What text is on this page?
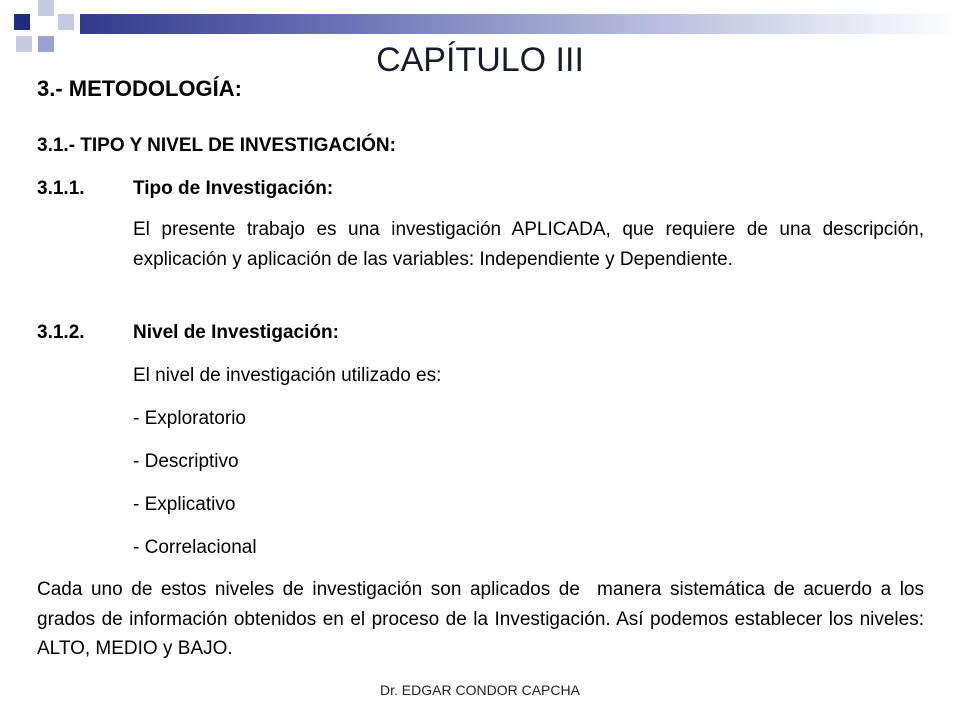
CAPÍTULO III
3.- METODOLOGÍA:
3.1.- TIPO Y NIVEL DE INVESTIGACIÓN:
3.1.1.	Tipo de Investigación:
El presente trabajo es una investigación APLICADA, que requiere de una descripción, explicación y aplicación de las variables: Independiente y Dependiente.
3.1.2.	Nivel de Investigación:
El nivel de investigación utilizado es:
- Exploratorio
- Descriptivo
- Explicativo
- Correlacional
Cada uno de estos niveles de investigación son aplicados de  manera sistemática de acuerdo a los grados de información obtenidos en el proceso de la Investigación. Así podemos establecer los niveles: ALTO, MEDIO y BAJO.
Dr. EDGAR CONDOR CAPCHA
